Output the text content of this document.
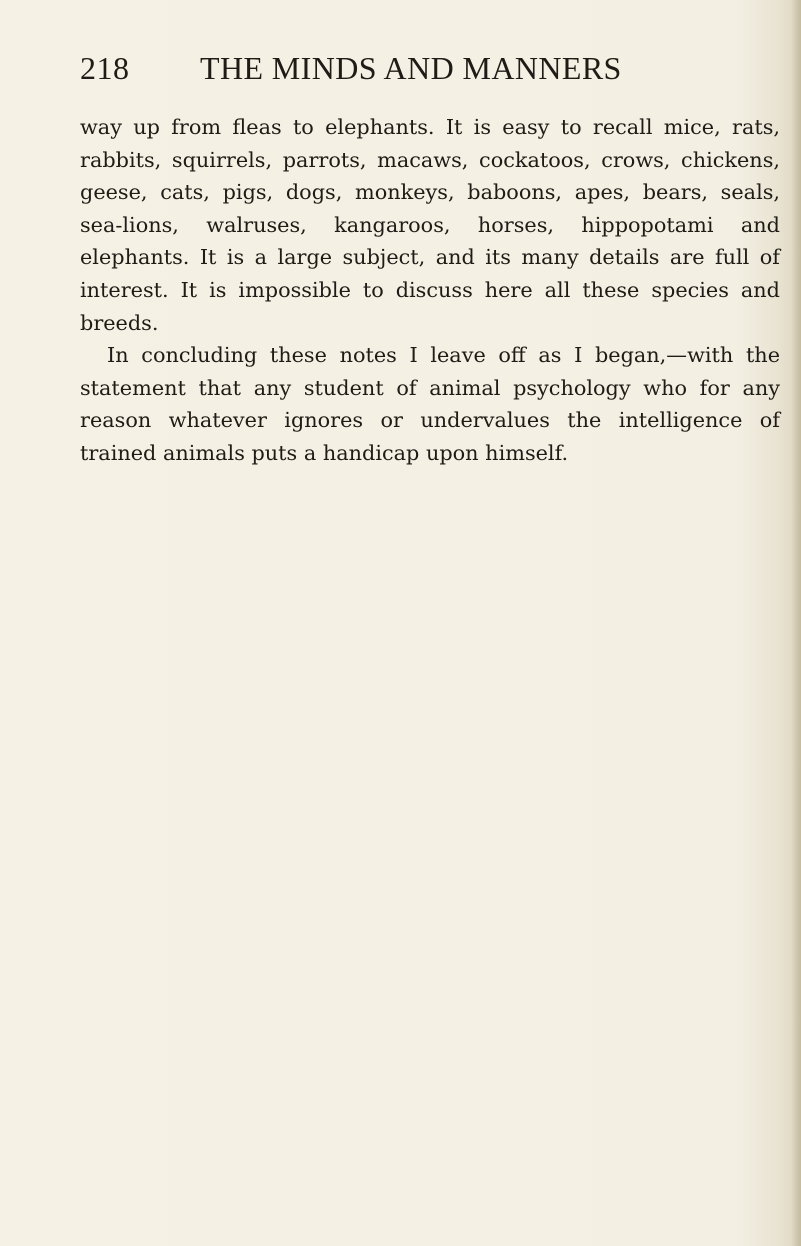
218 THE MINDS AND MANNERS

way up from fleas to elephants. It is easy to recall mice, rats, rabbits, squirrels, parrots, macaws, cockatoos, crows, chickens, geese, cats, pigs, dogs, monkeys, baboons, apes, bears, seals, sea-lions, walruses, kangaroos, horses, hippopotami and elephants. It is a large subject, and its many details are full of interest. It is impossible to discuss here all these species and breeds.

In concluding these notes I leave off as I began,—with the statement that any student of animal psychology who for any reason whatever ignores or undervalues the intelligence of trained animals puts a handicap upon himself.
